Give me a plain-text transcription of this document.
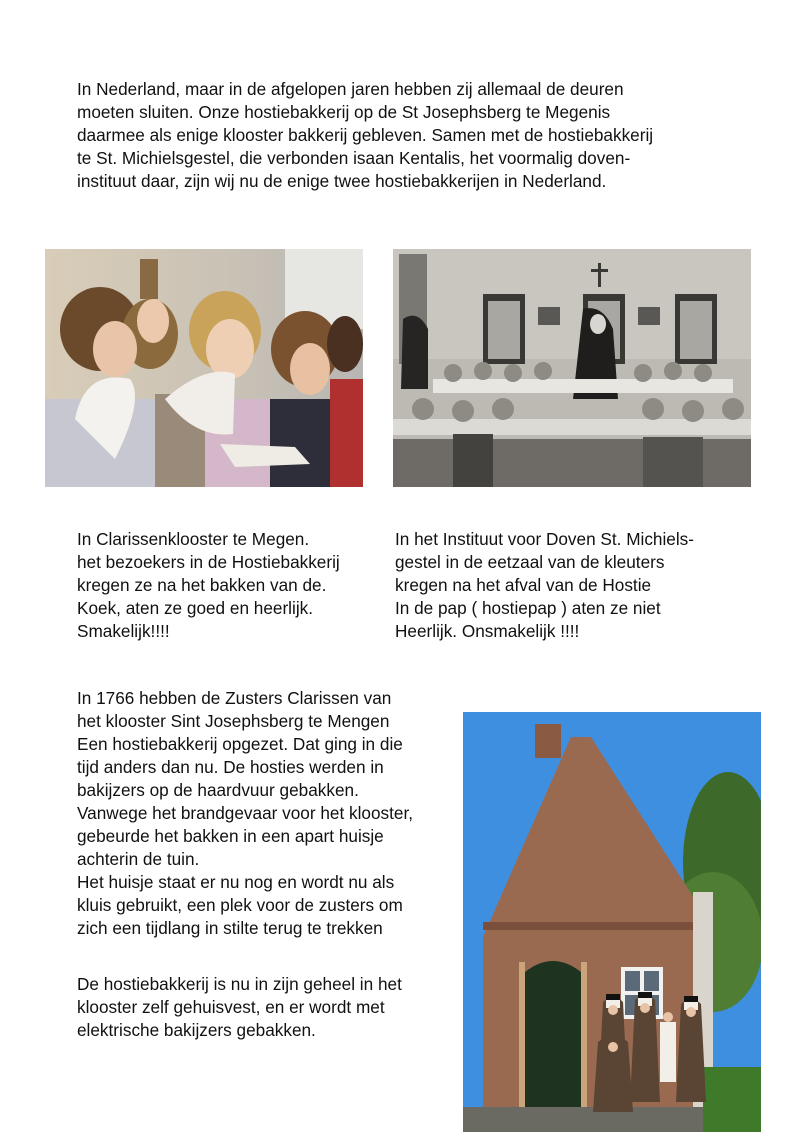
In Nederland, maar in de afgelopen jaren hebben zij allemaal de deuren
moeten sluiten. Onze hostiebakkerij op de St Josephsberg te Megenis
daarmee als enige klooster bakkerij gebleven. Samen met de hostiebakkerij
te St. Michielsgestel, die verbonden isaan Kentalis, het voormalig doven-
instituut daar, zijn wij nu de enige twee hostiebakkerijen in Nederland.
In Clarissenklooster te Megen.
het bezoekers in de Hostiebakkerij
kregen ze na het bakken van de.
Koek, aten ze goed en heerlijk.
Smakelijk!!!!
In het Instituut voor Doven St. Michiels-
gestel in de eetzaal van de kleuters
kregen na het afval van de Hostie
In de pap ( hostiepap ) aten ze niet
Heerlijk. Onsmakelijk !!!!
In 1766 hebben de Zusters Clarissen van
het klooster Sint Josephsberg te Mengen
Een hostiebakkerij opgezet. Dat ging in die
tijd anders dan nu. De hosties werden in
bakijzers op de haardvuur gebakken.
Vanwege het brandgevaar voor het klooster,
gebeurde het bakken in een apart huisje
achterin de tuin.
Het huisje staat er nu nog en wordt nu als
kluis gebruikt, een plek voor de zusters om
zich een tijdlang in stilte terug te trekken
De hostiebakkerij is nu in zijn geheel in het
klooster zelf gehuisvest, en er wordt met
elektrische bakijzers gebakken.
